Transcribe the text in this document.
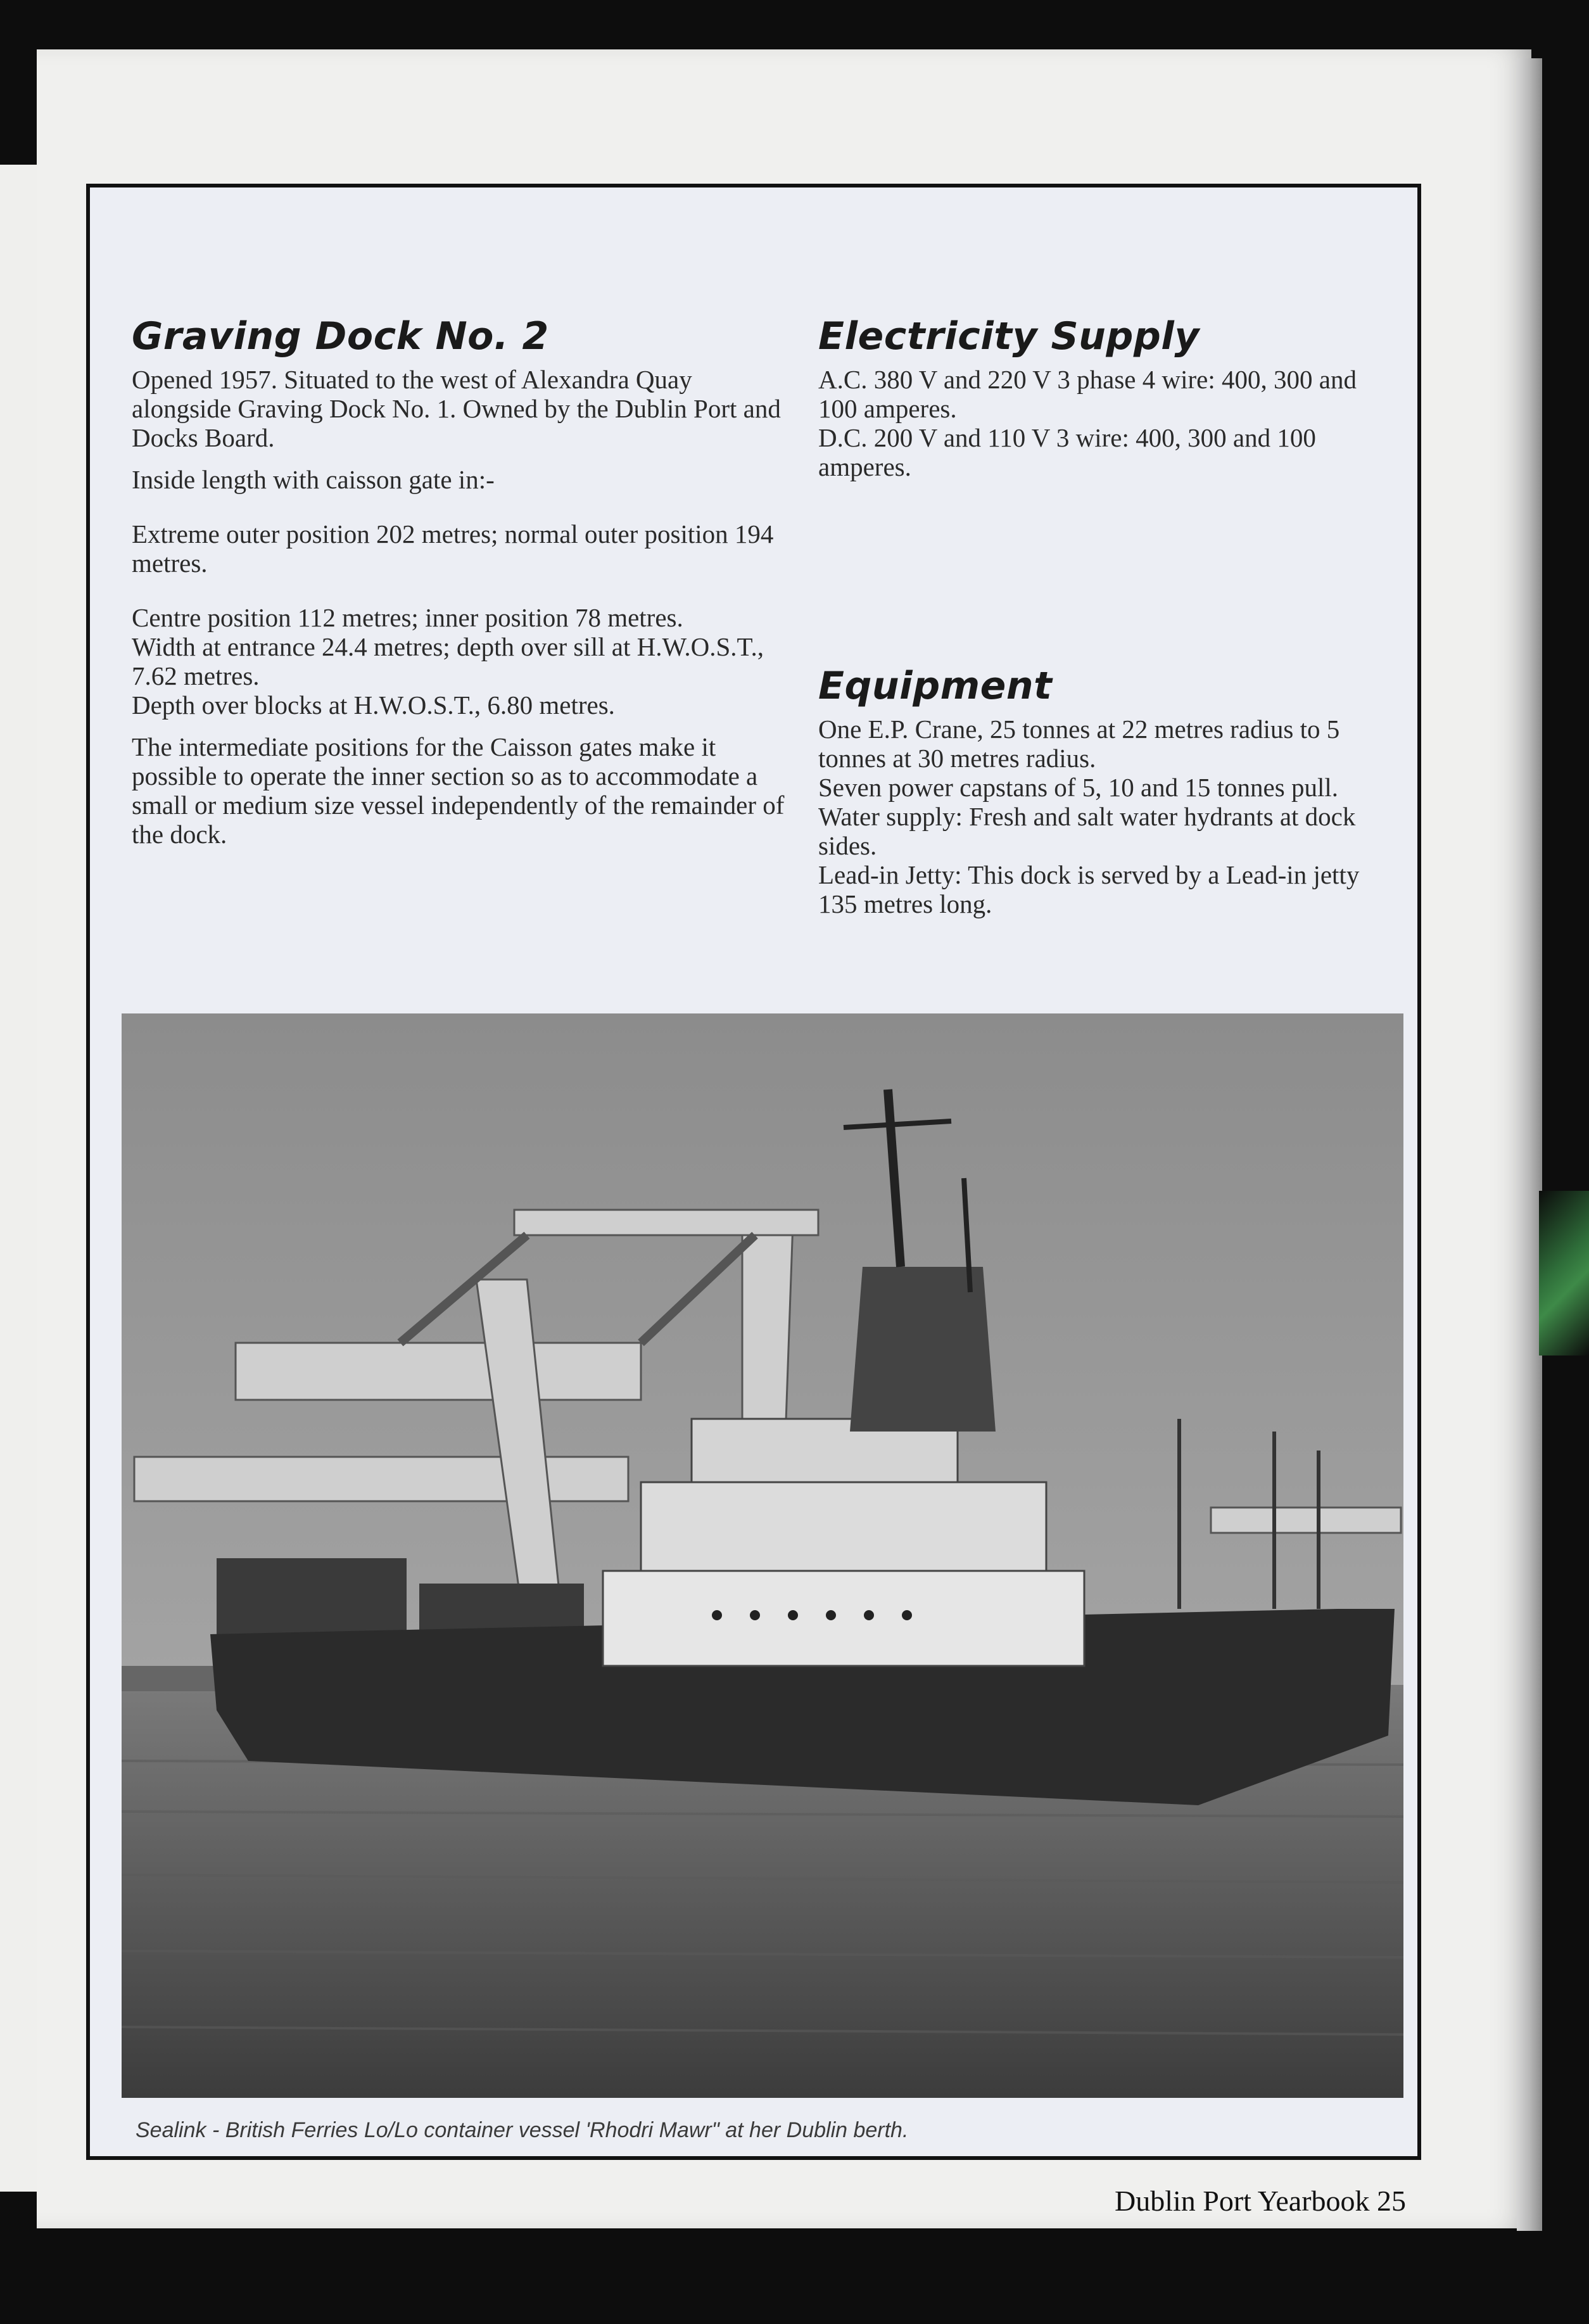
Graving Dock No. 2

Opened 1957. Situated to the west of Alexandra Quay alongside Graving Dock No. 1. Owned by the Dublin Port and Docks Board.

Inside length with caisson gate in:-

Extreme outer position 202 metres; normal outer position 194 metres.

Centre position 112 metres; inner position 78 metres.

Width at entrance 24.4 metres; depth over sill at H.W.O.S.T., 7.62 metres.

Depth over blocks at H.W.O.S.T., 6.80 metres.

The intermediate positions for the Caisson gates make it possible to operate the inner section so as to accommodate a small or medium size vessel independently of the remainder of the dock.

Electricity Supply

A.C. 380 V and 220 V 3 phase 4 wire: 400, 300 and 100 amperes.

D.C. 200 V and 110 V 3 wire: 400, 300 and 100 amperes.

Equipment

One E.P. Crane, 25 tonnes at 22 metres radius to 5 tonnes at 30 metres radius.

Seven power capstans of 5, 10 and 15 tonnes pull.

Water supply: Fresh and salt water hydrants at dock sides.

Lead-in Jetty: This dock is served by a Lead-in jetty 135 metres long.

Sealink - British Ferries Lo/Lo container vessel 'Rhodri Mawr" at her Dublin berth.
Dublin Port Yearbook 25
